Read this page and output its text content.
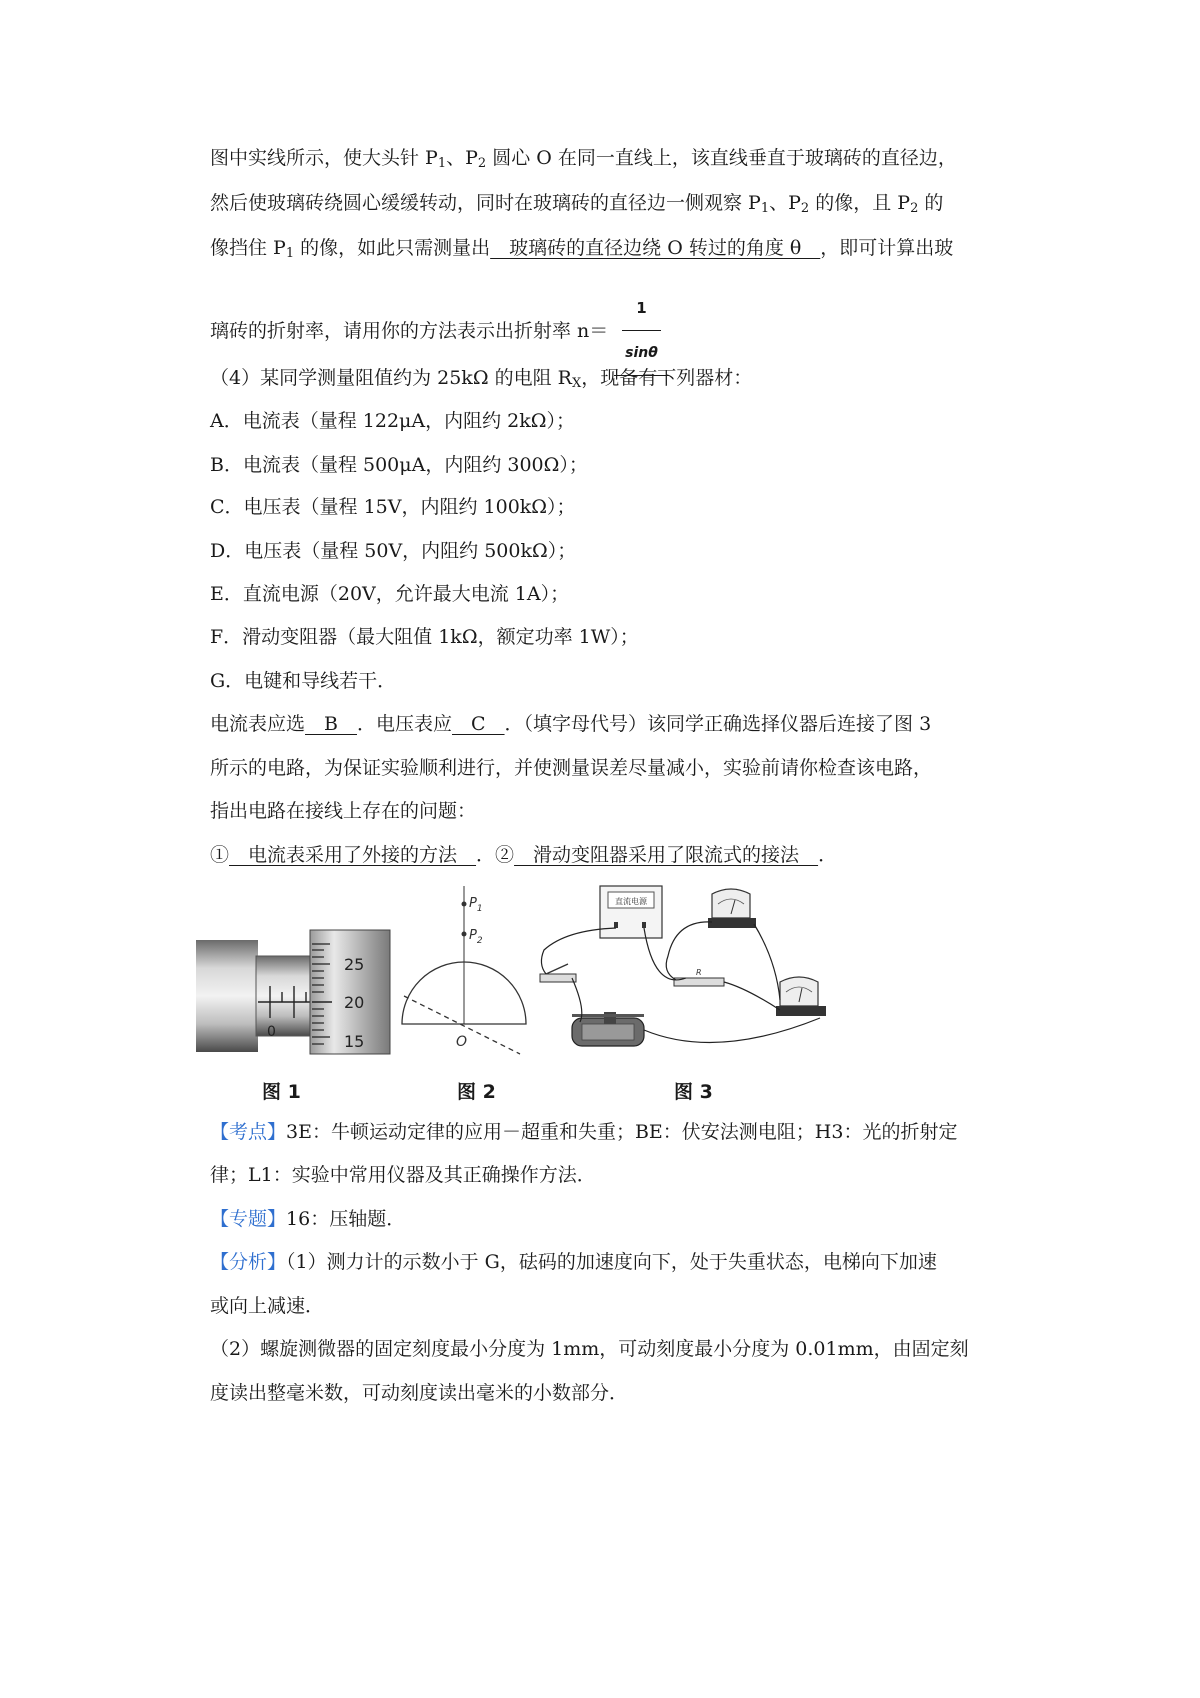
图中实线所示，使大头针 $P_1$、$P_2$ 圆心 O 在同一直线上，该直线垂直于玻璃砖的直径边，
然后使玻璃砖绕圆心缓缓转动，同时在玻璃砖的直径边一侧观察 $P_1$、$P_2$ 的像，且 $P_2$ 的
像挡住 $P_1$ 的像，如此只需测量出　玻璃砖的直径边绕 O 转过的角度 θ　，即可计算出玻
璃砖的折射率，请用你的方法表示出折射率 $n= \frac{1}{\sin\theta}$
（4）某同学测量阻值约为 25kΩ 的电阻 $R_X$，现备有下列器材：
A．电流表（量程 122μA，内阻约 2kΩ）；
B．电流表（量程 500μA，内阻约 300Ω）；
C．电压表（量程 15V，内阻约 100kΩ）；
D．电压表（量程 50V，内阻约 500kΩ）；
E．直流电源（20V，允许最大电流 1A）；
F．滑动变阻器（最大阻值 1kΩ，额定功率 1W）；
G．电键和导线若干．
电流表应选　B　．电压表应　C　．（填字母代号）该同学正确选择仪器后连接了图 3
所示的电路，为保证实验顺利进行，并使测量误差尽量减小，实验前请你检查该电路，
指出电路在接线上存在的问题：
①　电流表采用了外接的方法　．②　滑动变阻器采用了限流式的接法　．
【考点】3E：牛顿运动定律的应用－超重和失重；BE：伏安法测电阻；H3：光的折射定
律；L1：实验中常用仪器及其正确操作方法．
【专题】16：压轴题．
【分析】（1）测力计的示数小于 G，砝码的加速度向下，处于失重状态，电梯向下加速
或向上减速．
（2）螺旋测微器的固定刻度最小分度为 1mm，可动刻度最小分度为 0.01mm，由固定刻
度读出整毫米数，可动刻度读出毫米的小数部分．
0
25
20
15
图 1
$P_1$
$P_2$
O
图 2
直流电源
R
图 3
